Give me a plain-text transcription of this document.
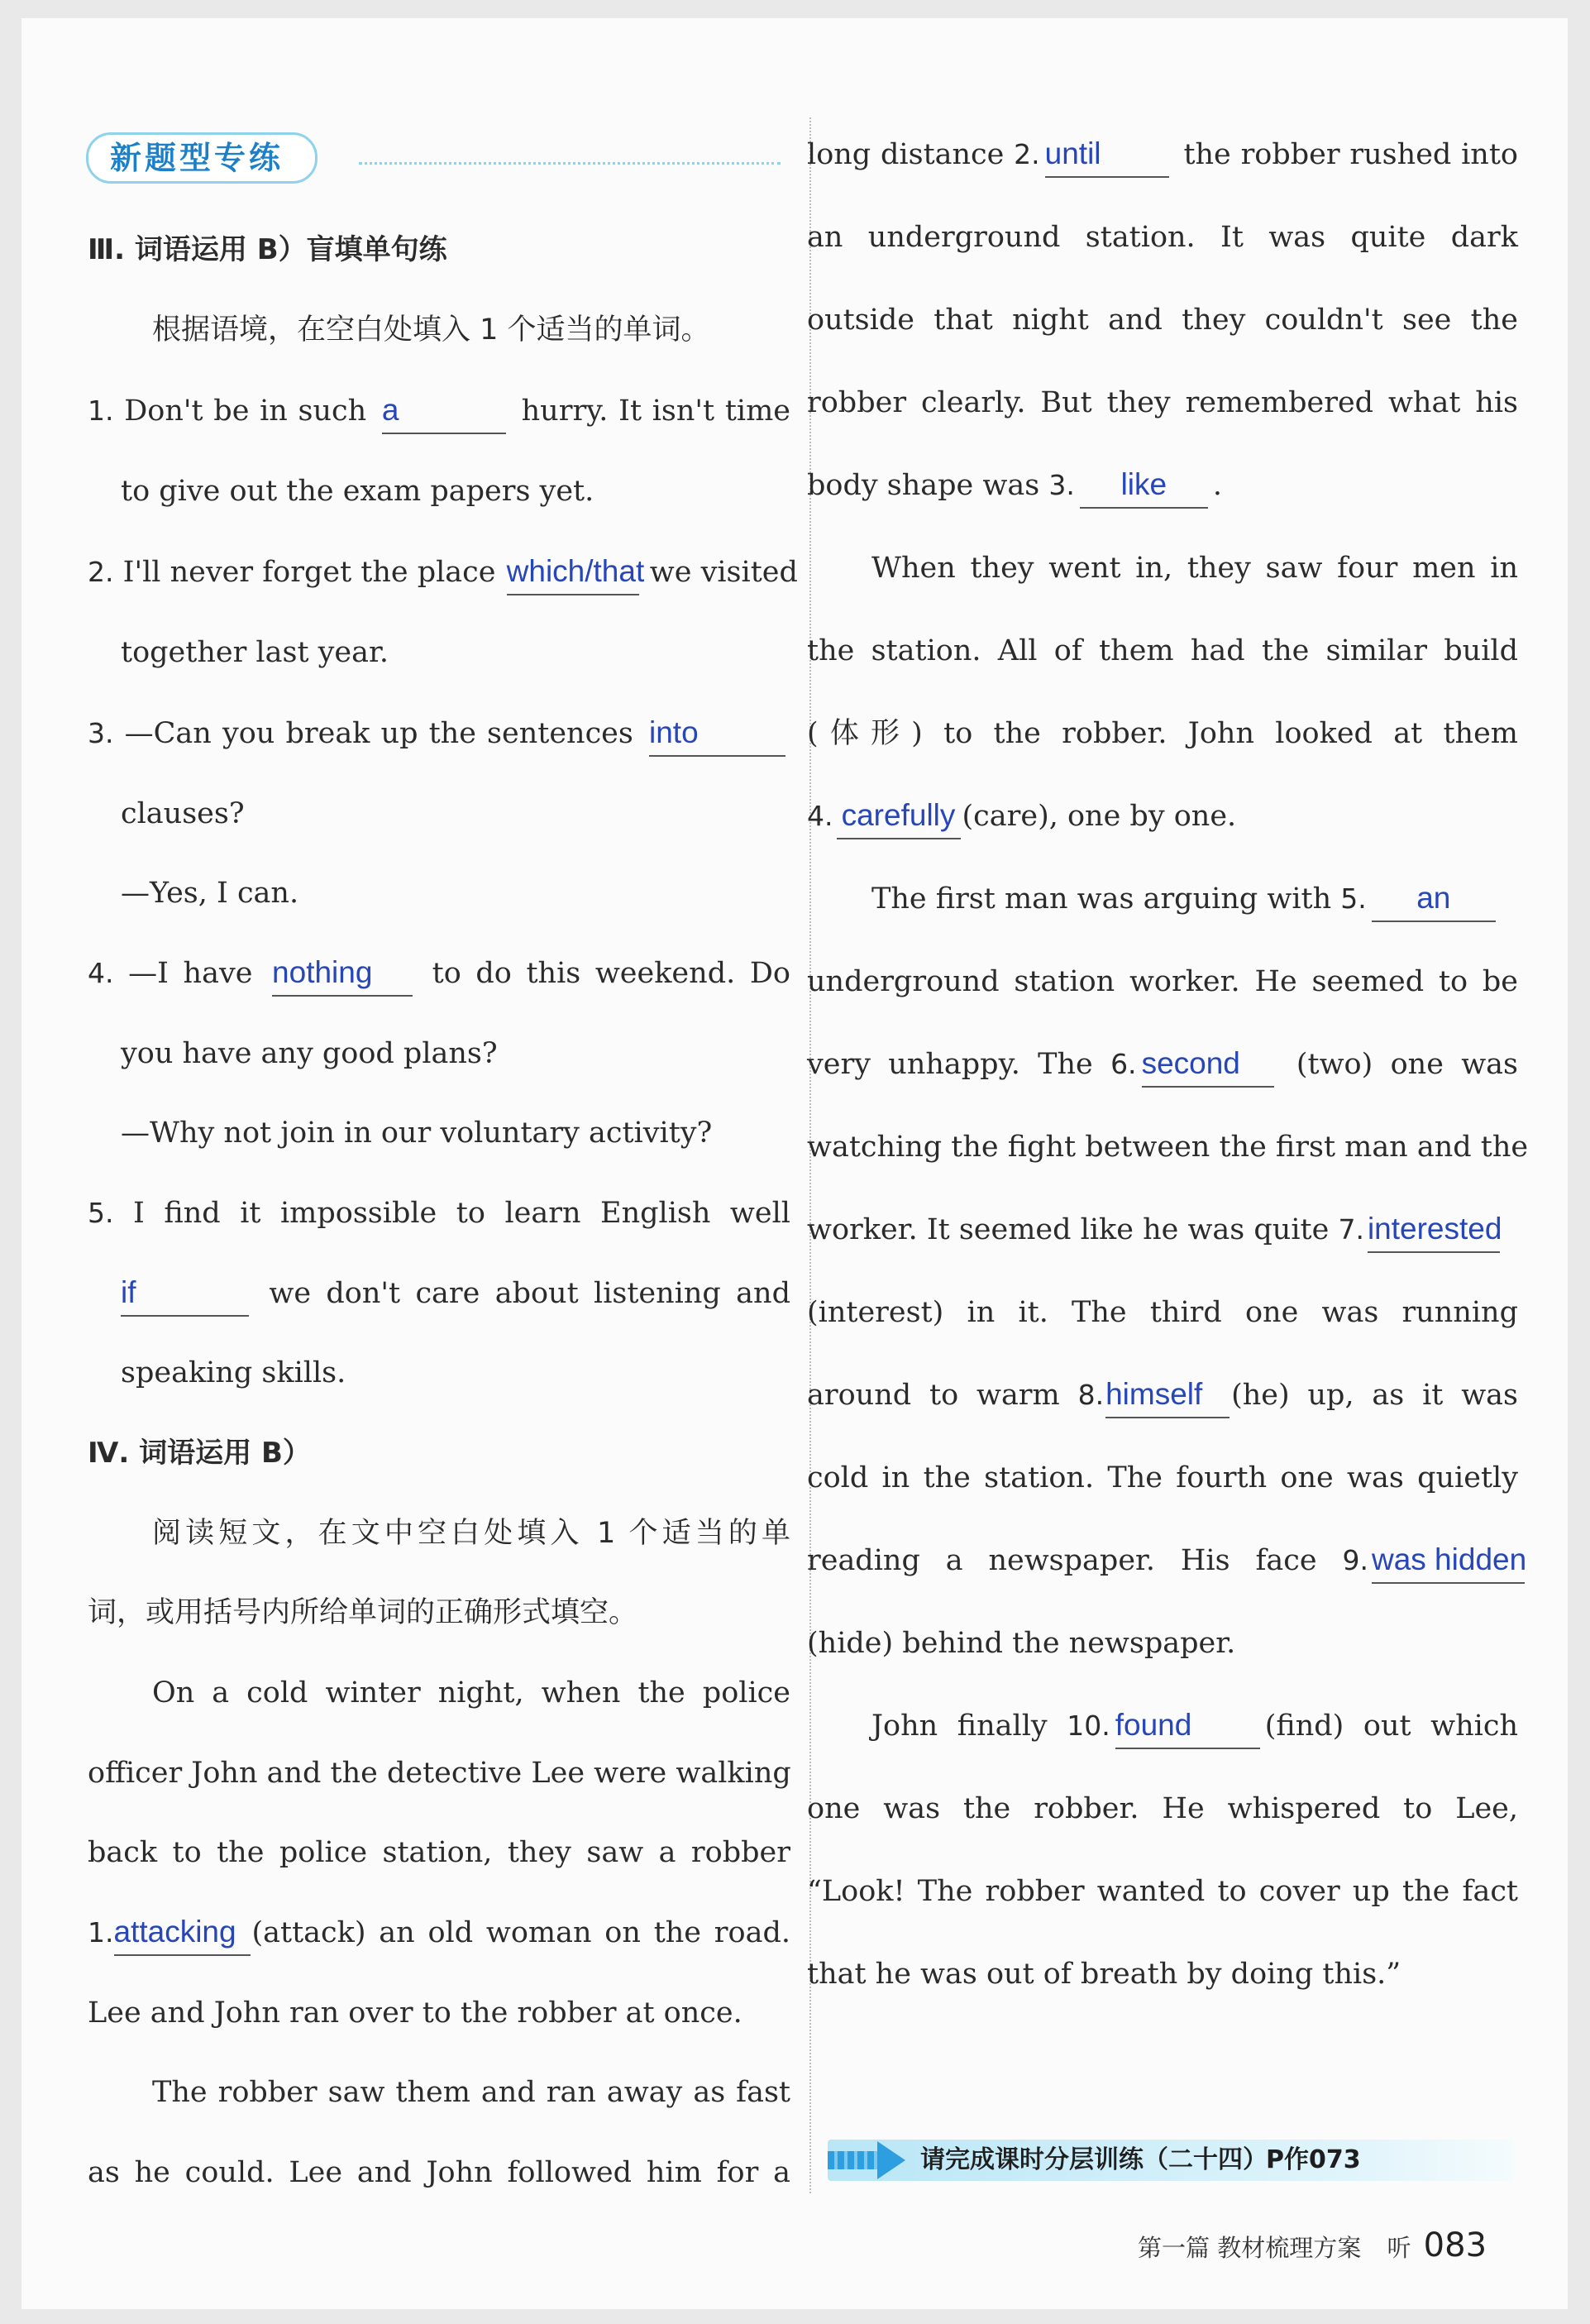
新题型专练
Ⅲ. 词语运用 B）盲填单句练
根据语境，在空白处填入 1 个适当的单词。
1. Don't be in such a	hurry. It isn't time
to give out the exam papers yet.
2. I'll never forget the place which/that we visited
together last year.
3. —Can you break up the sentences into
clauses?
—Yes, I can.
4. —I have nothing to do this weekend. Do
you have any good plans?
—Why not join in our voluntary activity?
5. I find it impossible to learn English well
if	we don't care about listening and
speaking skills.
Ⅳ. 词语运用 B）
阅读短文，在文中空白处填入 1 个适当的单
词，或用括号内所给单词的正确形式填空。
On a cold winter night, when the police
officer John and the detective Lee were walking
back to the police station, they saw a robber
1.attacking (attack) an old woman on the road.
Lee and John ran over to the robber at once.
The robber saw them and ran away as fast
as he could. Lee and John followed him for a
long distance 2. until	the robber rushed into
an underground station. It was quite dark
outside that night and they couldn't see the
robber clearly. But they remembered what his
body shape was 3. like .
When they went in, they saw four men in
the station. All of them had the similar build
(体形) to the robber. John looked at them
4. carefully (care), one by one.
The first man was arguing with 5. an
underground station worker. He seemed to be
very unhappy. The 6. second (two) one was
watching the fight between the first man and the
worker. It seemed like he was quite 7. interested
(interest) in it. The third one was running
around to warm 8.himself (he) up, as it was
cold in the station. The fourth one was quietly
reading a newspaper. His face 9. was hidden
(hide) behind the newspaper.
John finally 10. found	(find) out which
one was the robber. He whispered to Lee,
“Look! The robber wanted to cover up the fact
that he was out of breath by doing this.”
请完成课时分层训练（二十四）
P作073
第一篇 教材梳理方案 听 083
